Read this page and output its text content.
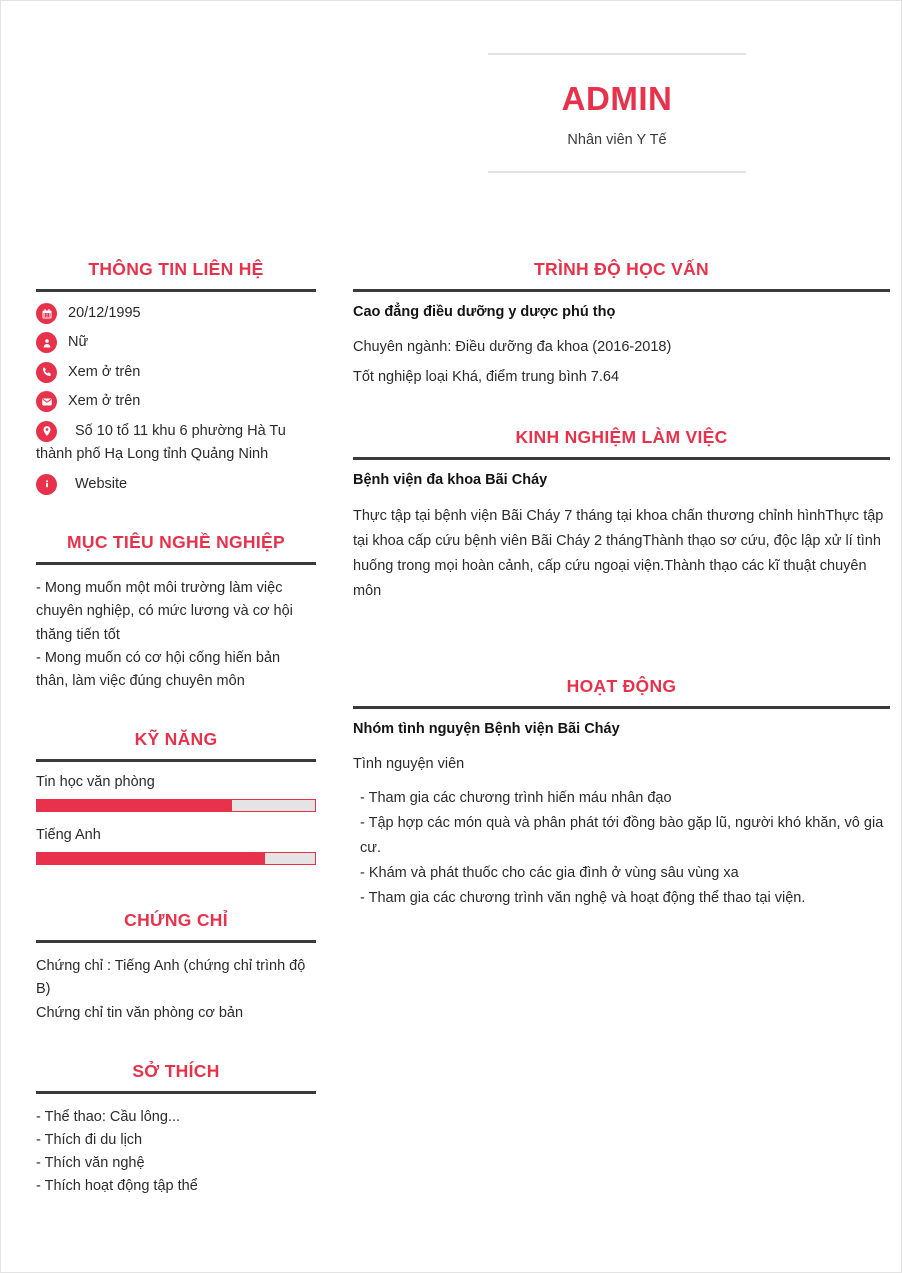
ADMIN
Nhân viên Y Tế
THÔNG TIN LIÊN HỆ
20/12/1995
Nữ
Xem ở trên
Xem ở trên
Số 10 tổ 11 khu 6 phường Hà Tu
thành phố Hạ Long tỉnh Quảng Ninh
Website
MỤC TIÊU NGHỀ NGHIỆP
- Mong muốn một môi trường làm việc chuyên nghiệp, có mức lương và cơ hội thăng tiến tốt
- Mong muốn có cơ hội cống hiến bản thân, làm việc đúng chuyên môn
KỸ NĂNG
Tin học văn phòng
Tiếng Anh
CHỨNG CHỈ
Chứng chỉ : Tiếng Anh (chứng chỉ trình độ B)
Chứng chỉ tin văn phòng cơ bản
SỞ THÍCH
- Thể thao: Cầu lông...
- Thích đi du lịch
- Thích văn nghệ
- Thích hoạt động tập thể
TRÌNH ĐỘ HỌC VẤN
Cao đẳng điều dưỡng y dược phú thọ
Chuyên ngành: Điều dưỡng đa khoa (2016-2018)
Tốt nghiệp loại Khá, điểm trung bình 7.64
KINH NGHIỆM LÀM VIỆC
Bệnh viện đa khoa Bãi Cháy
Thực tập tại bệnh viện Bãi Cháy 7 tháng tại khoa chấn thương chỉnh hìnhThực tập tại khoa cấp cứu bệnh viên Bãi Cháy 2 thángThành thạo sơ cứu, độc lập xử lí tình huống trong mọi hoàn cảnh, cấp cứu ngoại viện.Thành thạo các kĩ thuật chuyên môn
HOẠT ĐỘNG
Nhóm tình nguyện Bệnh viện Bãi Cháy
Tình nguyện viên
- Tham gia các chương trình hiến máu nhân đạo
- Tập hợp các món quà và phân phát tới đồng bào gặp lũ, người khó khăn, vô gia cư.
- Khám và phát thuốc cho các gia đình ở vùng sâu vùng xa
- Tham gia các chương trình văn nghệ và hoạt động thể thao tại viện.
